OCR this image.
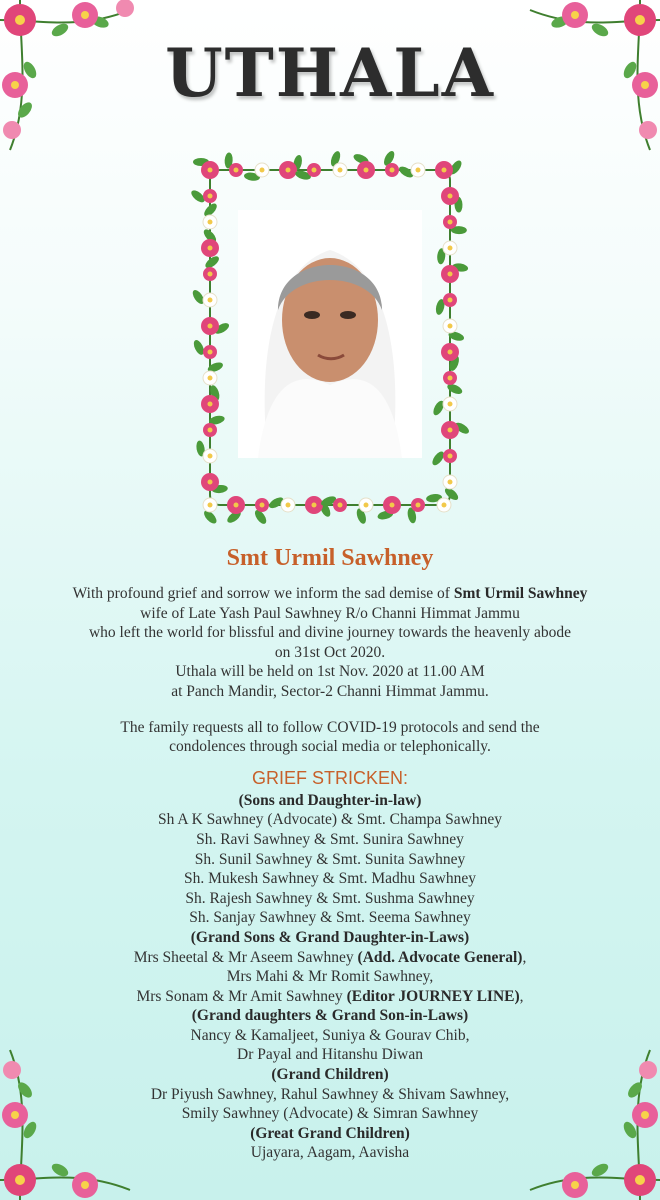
UTHALA
Smt Urmil Sawhney

With profound grief and sorrow we inform the sad demise of Smt Urmil Sawhney

wife of Late Yash Paul Sawhney R/o Channi Himmat Jammu

who left the world for blissful and divine journey towards the heavenly abode

on 31st Oct 2020.

Uthala will be held on 1st Nov. 2020 at 11.00 AM

at Panch Mandir, Sector-2 Channi Himmat Jammu.

The family requests all to follow COVID-19 protocols and send the

condolences through social media or telephonically.

GRIEF STRICKEN:

(Sons and Daughter-in-law)

Sh A K Sawhney (Advocate) & Smt. Champa Sawhney

Sh. Ravi Sawhney & Smt. Sunira Sawhney

Sh. Sunil Sawhney & Smt. Sunita Sawhney

Sh. Mukesh Sawhney & Smt. Madhu Sawhney

Sh. Rajesh Sawhney & Smt. Sushma Sawhney

Sh. Sanjay Sawhney & Smt. Seema Sawhney

(Grand Sons & Grand Daughter-in-Laws)

Mrs Sheetal & Mr Aseem Sawhney (Add. Advocate General),

Mrs Mahi & Mr Romit Sawhney,

Mrs Sonam & Mr Amit Sawhney (Editor JOURNEY LINE),

(Grand daughters & Grand Son-in-Laws)

Nancy & Kamaljeet, Suniya & Gourav Chib,

Dr Payal and Hitanshu Diwan

(Grand Children)

Dr Piyush Sawhney, Rahul Sawhney & Shivam Sawhney,

Smily Sawhney (Advocate) & Simran Sawhney

(Great Grand Children)

Ujayara, Aagam, Aavisha
